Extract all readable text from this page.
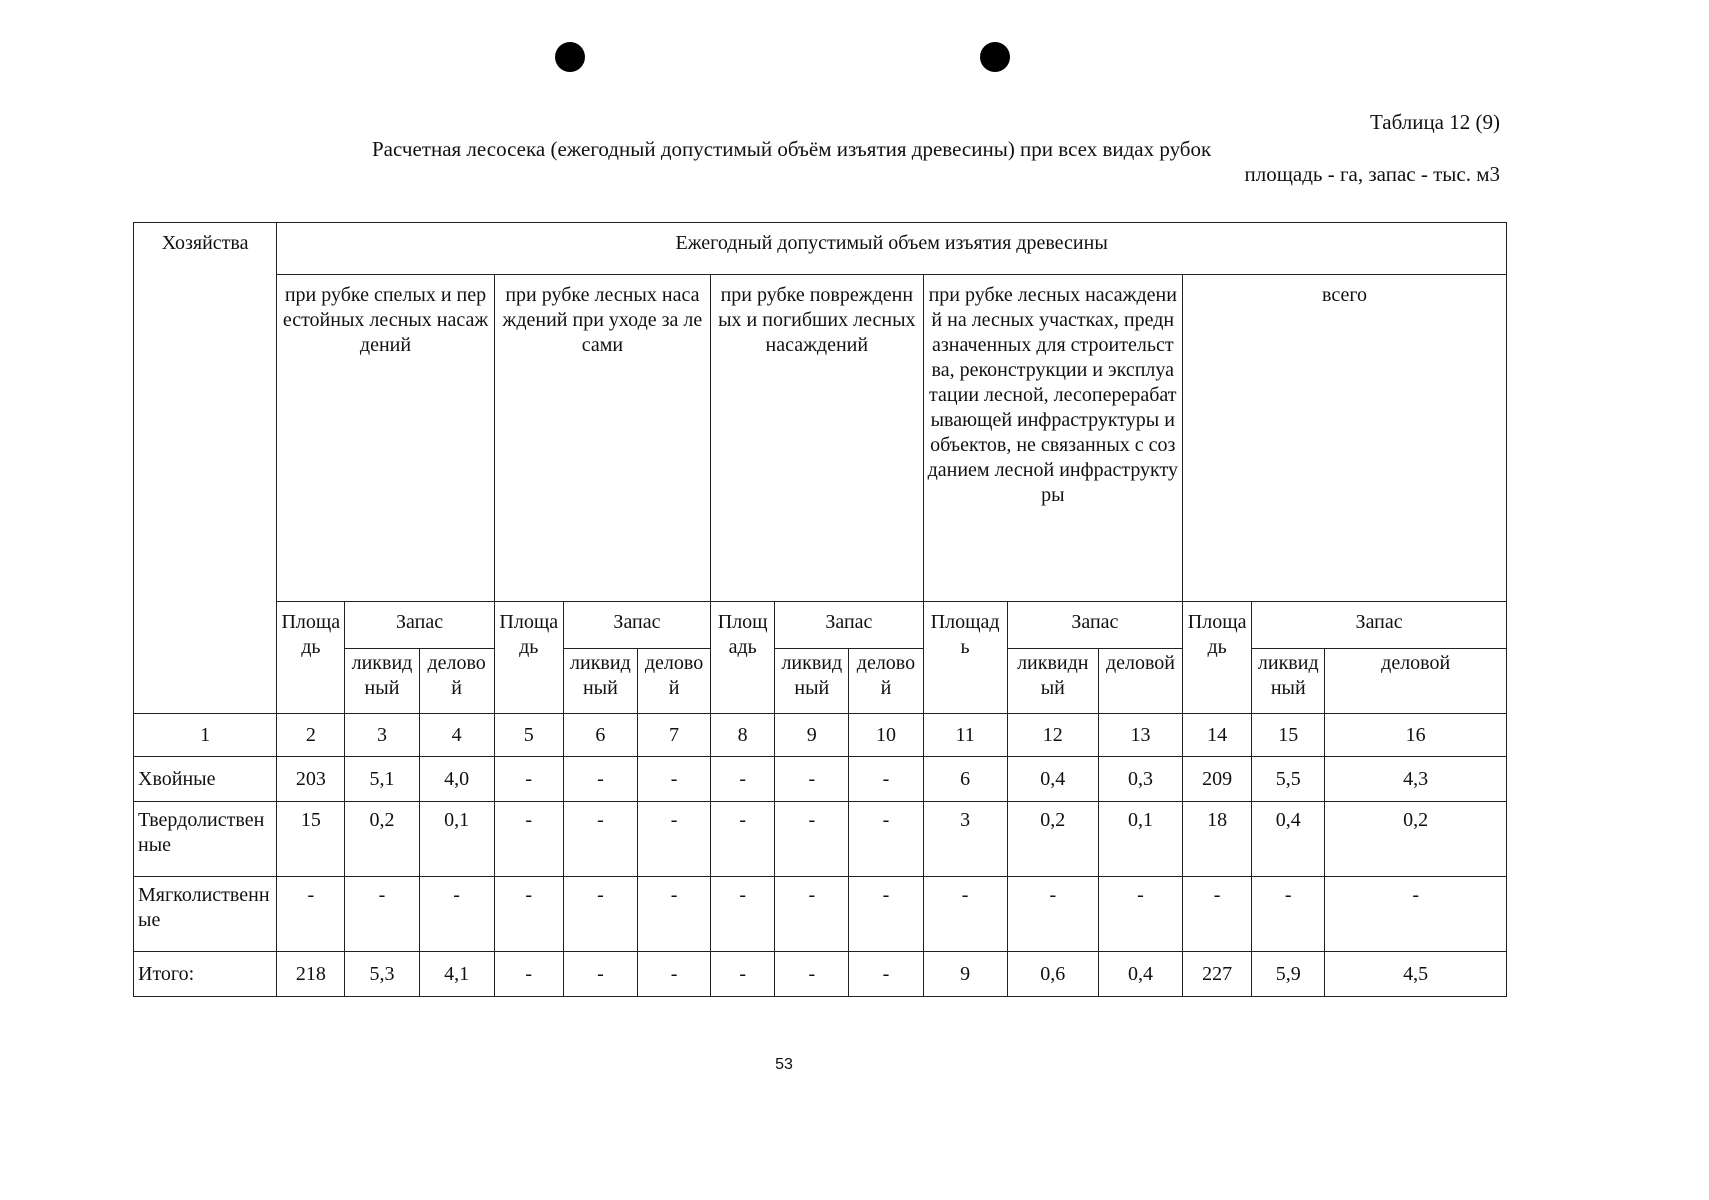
Таблица 12 (9)
Расчетная лесосека (ежегодный допустимый объём изъятия древесины) при всех видах рубок
площадь - га, запас - тыс. м3
Хозяйства	Ежегодный допустимый объем изъятия древесины														
	при рубке спелых и перестойных лесных насаждений			при рубке лесных насаждений при уходе за лесами			при рубке поврежденных и погибших лесных насаждений			при рубке лесных насаждений на лесных участках, предназначенных для строительства, реконструкции и эксплуатации лесной, лесоперерабатывающей инфраструктуры и объектов, не связанных с созданием лесной инфраструктуры			всего		
	Площадь	Запас		Площадь	Запас		Площадь	Запас		Площадь	Запас		Площадь	Запас	
		ликвидный	деловой		ликвидный	деловой		ликвидный	деловой		ликвидный	деловой		ликвидный	деловой
1	2	3	4	5	6	7	8	9	10	11	12	13	14	15	16
Хвойные	203	5,1	4,0	-	-	-	-	-	-	6	0,4	0,3	209	5,5	4,3
Твердолиственные	15	0,2	0,1	-	-	-	-	-	-	3	0,2	0,1	18	0,4	0,2
Мягколиственные	-	-	-	-	-	-	-	-	-	-	-	-	-	-	-
Итого:	218	5,3	4,1	-	-	-	-	-	-	9	0,6	0,4	227	5,9	4,5
53
